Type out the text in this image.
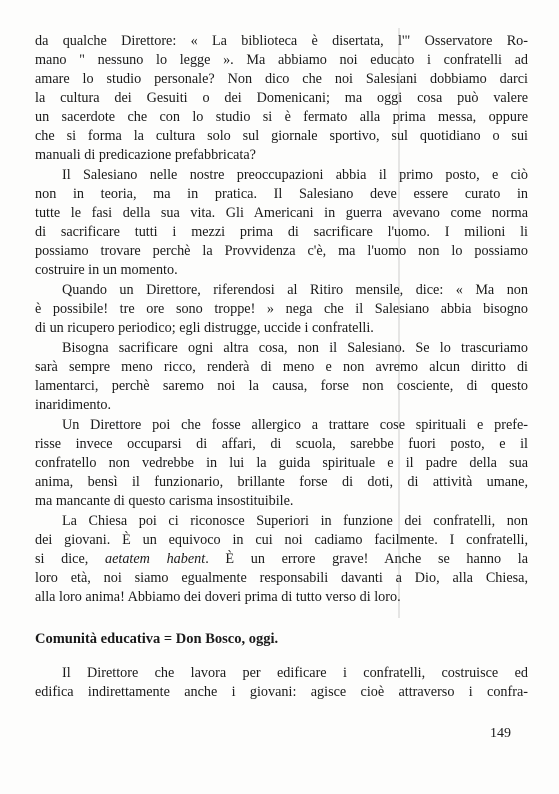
da qualche Direttore: « La biblioteca è disertata, l'" Osservatore Ro-
mano " nessuno lo legge ». Ma abbiamo noi educato i confratelli ad
amare lo studio personale? Non dico che noi Salesiani dobbiamo darci
la cultura dei Gesuiti o dei Domenicani; ma oggi cosa può valere
un sacerdote che con lo studio si è fermato alla prima messa, oppure
che si forma la cultura solo sul giornale sportivo, sul quotidiano o sui
manuali di predicazione prefabbricata?
Il Salesiano nelle nostre preoccupazioni abbia il primo posto, e ciò
non in teoria, ma in pratica. Il Salesiano deve essere curato in
tutte le fasi della sua vita. Gli Americani in guerra avevano come norma
di sacrificare tutti i mezzi prima di sacrificare l'uomo. I milioni li
possiamo trovare perchè la Provvidenza c'è, ma l'uomo non lo possiamo
costruire in un momento.
Quando un Direttore, riferendosi al Ritiro mensile, dice: « Ma non
è possibile! tre ore sono troppe! » nega che il Salesiano abbia bisogno
di un ricupero periodico; egli distrugge, uccide i confratelli.
Bisogna sacrificare ogni altra cosa, non il Salesiano. Se lo trascuriamo
sarà sempre meno ricco, renderà di meno e non avremo alcun diritto di
lamentarci, perchè saremo noi la causa, forse non cosciente, di questo
inaridimento.
Un Direttore poi che fosse allergico a trattare cose spirituali e prefe-
risse invece occuparsi di affari, di scuola, sarebbe fuori posto, e il
confratello non vedrebbe in lui la guida spirituale e il padre della sua
anima, bensì il funzionario, brillante forse di doti, di attività umane,
ma mancante di questo carisma insostituibile.
La Chiesa poi ci riconosce Superiori in funzione dei confratelli, non
dei giovani. È un equivoco in cui noi cadiamo facilmente. I confratelli,
si dice, aetatem habent. È un errore grave! Anche se hanno la
loro età, noi siamo egualmente responsabili davanti a Dio, alla Chiesa,
alla loro anima! Abbiamo dei doveri prima di tutto verso di loro.
Comunità educativa = Don Bosco, oggi.
Il Direttore che lavora per edificare i confratelli, costruisce ed
edifica indirettamente anche i giovani: agisce cioè attraverso i confra-
149
